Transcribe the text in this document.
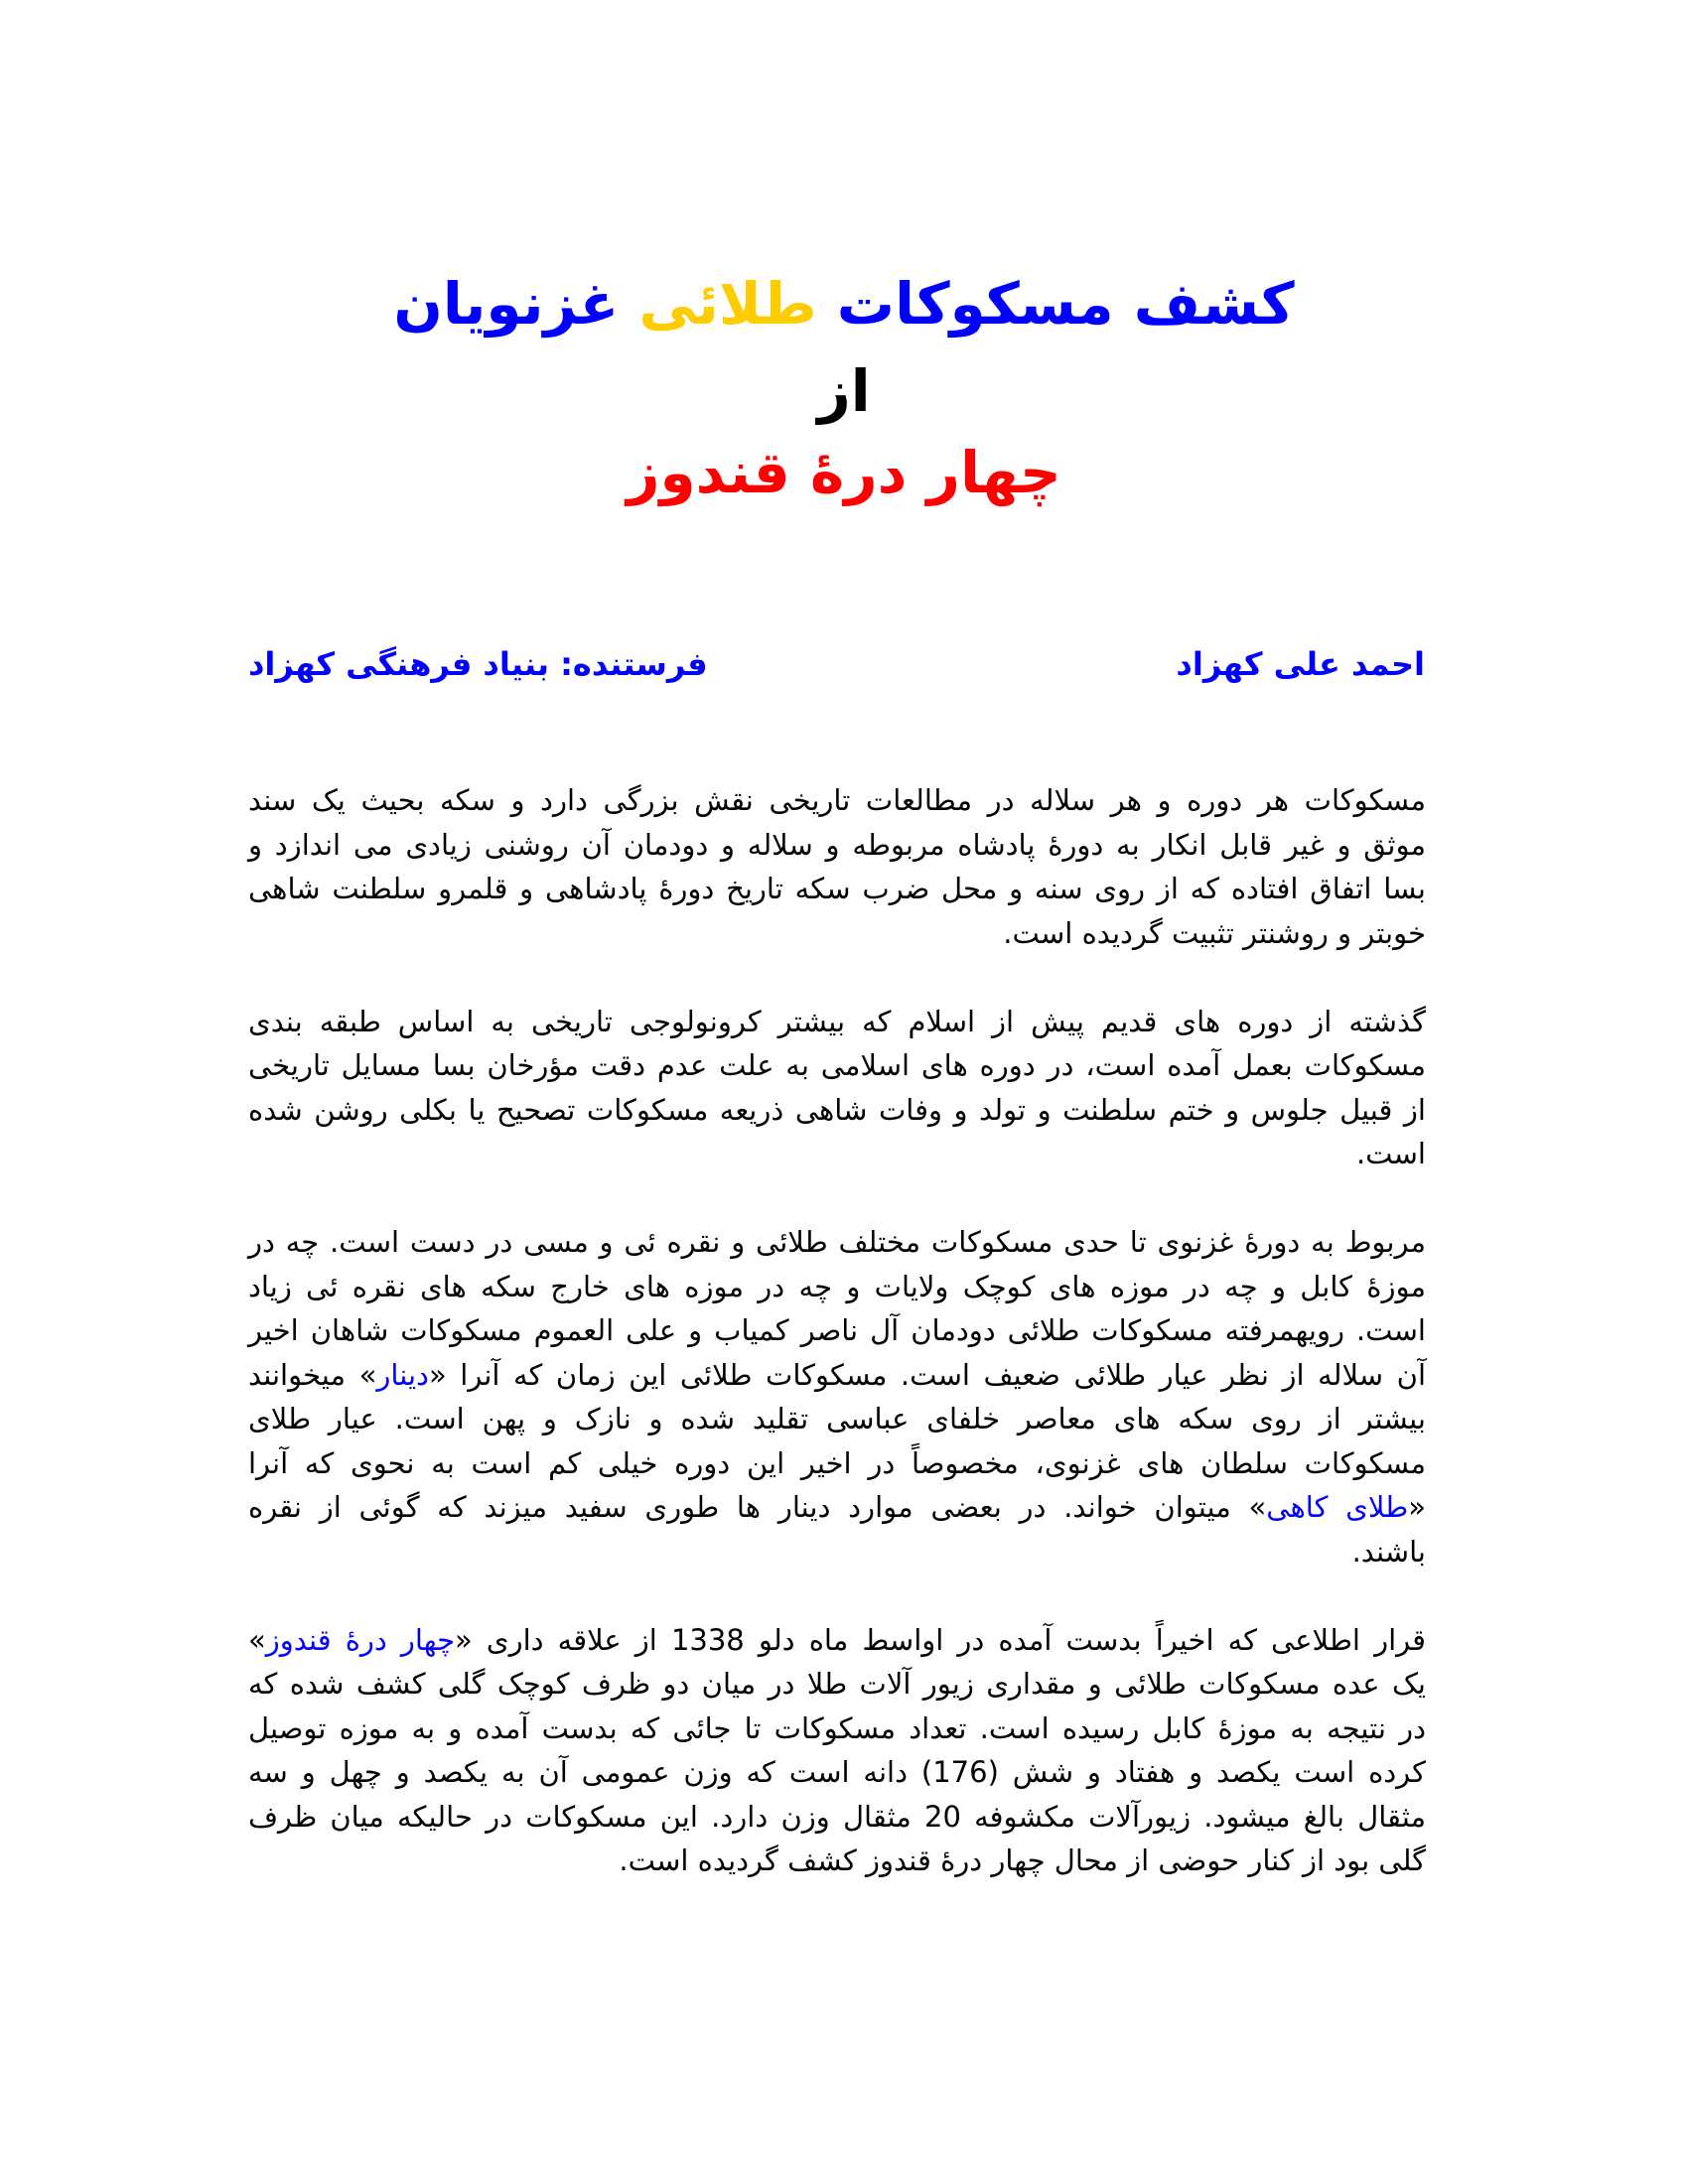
کشف مسکوکات طلائی غزنویان
از
چهار درهٔ قندوز
احمد علی کهزاد
فرستنده: بنیاد فرهنگی کهزاد
مسکوکات هر دوره و هر سلاله در مطالعات تاریخی نقش بزرگی دارد و سکه بحیث یک سند
موثق و غیر قابل انکار به دورهٔ پادشاه مربوطه و سلاله و دودمان آن روشنی زیادی می اندازد و
بسا اتفاق افتاده که از روی سنه و محل ضرب سکه تاریخ دورهٔ پادشاهی و قلمرو سلطنت شاهی
خوبتر و روشنتر تثبیت گردیده است.
گذشته از دوره های قدیم پیش از اسلام که بیشتر کرونولوجی تاریخی به اساس طبقه بندی
مسکوکات بعمل آمده است، در دوره های اسلامی به علت عدم دقت مؤرخان بسا مسایل تاریخی
از قبیل جلوس و ختم سلطنت و تولد و وفات شاهی ذریعه مسکوکات تصحیح یا بکلی روشن شده
است.
مربوط به دورهٔ غزنوی تا حدی مسکوکات مختلف طلائی و نقره ئی و مسی در دست است. چه در
موزهٔ کابل و چه در موزه های کوچک ولایات و چه در موزه های خارج سکه های نقره ئی زیاد
است. رویهمرفته مسکوکات طلائی دودمان آل ناصر کمیاب و علی العموم مسکوکات شاهان اخیر
آن سلاله از نظر عیار طلائی ضعیف است. مسکوکات طلائی این زمان که آنرا «دینار» میخوانند
بیشتر از روی سکه های معاصر خلفای عباسی تقلید شده و نازک و پهن است. عیار طلای
مسکوکات سلطان های غزنوی، مخصوصاً در اخیر این دوره خیلی کم است به نحوی که آنرا
«طلای کاهی» میتوان خواند. در بعضی موارد دینار ها طوری سفید میزند که گوئی از نقره
باشند.
قرار اطلاعی که اخیراً بدست آمده در اواسط ماه دلو 1338 از علاقه داری «چهار درهٔ قندوز»
یک عده مسکوکات طلائی و مقداری زیور آلات طلا در میان دو ظرف کوچک گلی کشف شده که
در نتیجه به موزهٔ کابل رسیده است. تعداد مسکوکات تا جائی که بدست آمده و به موزه توصیل
کرده است یکصد و هفتاد و شش (176) دانه است که وزن عمومی آن به یکصد و چهل و سه
مثقال بالغ میشود. زیورآلات مکشوفه 20 مثقال وزن دارد. این مسکوکات در حالیکه میان ظرف
گلی بود از کنار حوضی از محال چهار درهٔ قندوز کشف گردیده است.
